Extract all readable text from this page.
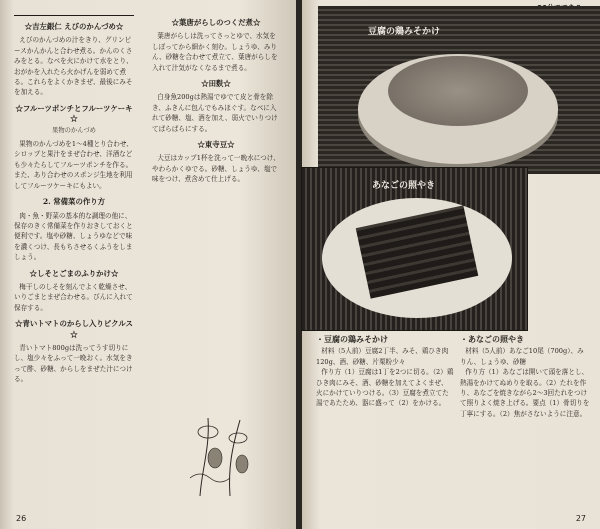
☆吉左銀仁 えびのかんづめ☆

えびのかんづめの汁をきり、グリンピースかんかんと合わせ煮る。かんのくさみをとる。なべを火にかけて水をとり、おがかを入れたら火かげんを弱めて煮る。これらをよくかきまぜ、最後にみそを加える。

☆フルーツポンチとフルーツケーキ☆
果物のかんづめ

果物のかんづめを1〜4種とり合わせ、シロップと果汁をまぜ合わせ、洋酒なども少々たらしてフルーツポンチを作る。また、あり合わせのスポンジ生地を利用してフルーツケーキにもよい。

2. 常備菜の作り方

肉・魚・野菜の基本的な調理の他に、保存のきく常備菜を作りおきしておくと便利です。塩や砂糖、しょうゆなどで味を濃くつけ、長もちさせるくふうをしましょう。

☆しそとごまのふりかけ☆

梅干しのしそを刻んでよく乾燥させ、いりごまとまぜ合わせる。びんに入れて保存する。

☆青いトマトのからし入りピクルス☆

青いトマト800gは洗ってうす切りにし、塩少々をふって一晩おく。水気をきって酢、砂糖、からしをまぜた汁につける。

☆葉唐がらしのつくだ煮☆

葉唐がらしは洗ってさっとゆで、水気をしぼってから細かく刻む。しょうゆ、みりん、砂糖を合わせて煮立て、葉唐がらしを入れて汁気がなくなるまで煮る。

☆田麩☆

白身魚200gは熱湯でゆでて皮と骨を除き、ふきんに包んでもみほぐす。なべに入れて砂糖、塩、酒を加え、弱火でいりつけてぱらぱらにする。

☆東寺豆☆

大豆はカップ1杯を洗って一晩水につけ、やわらかくゆでる。砂糖、しょうゆ、塩で味をつけ、煮含めて仕上げる。

26
・豆腐の鶏みそかけ

材料（5人前）豆腐2丁半、みそ、鶏ひき肉120g、酒、砂糖、片栗粉少々

作り方（1）豆腐は1丁を2つに切る。（2）鶏ひき肉にみそ、酒、砂糖を加えてよくまぜ、火にかけていりつける。（3）豆腐を煮立てた湯であたため、器に盛って（2）をかける。

・あなごの照やき

材料（5人前）あなご10尾（700g）、みりん、しょうゆ、砂糖

作り方（1）あなごは開いて頭を落とし、熱湯をかけてぬめりを取る。（2）たれを作り、あなごを焼きながら2〜3回たれをつけて照りよく焼き上げる。要点（1）骨切りを丁寧にする。（2）焦がさないように注意。

27
豆腐の鶏みそかけ
あなごの照やき
